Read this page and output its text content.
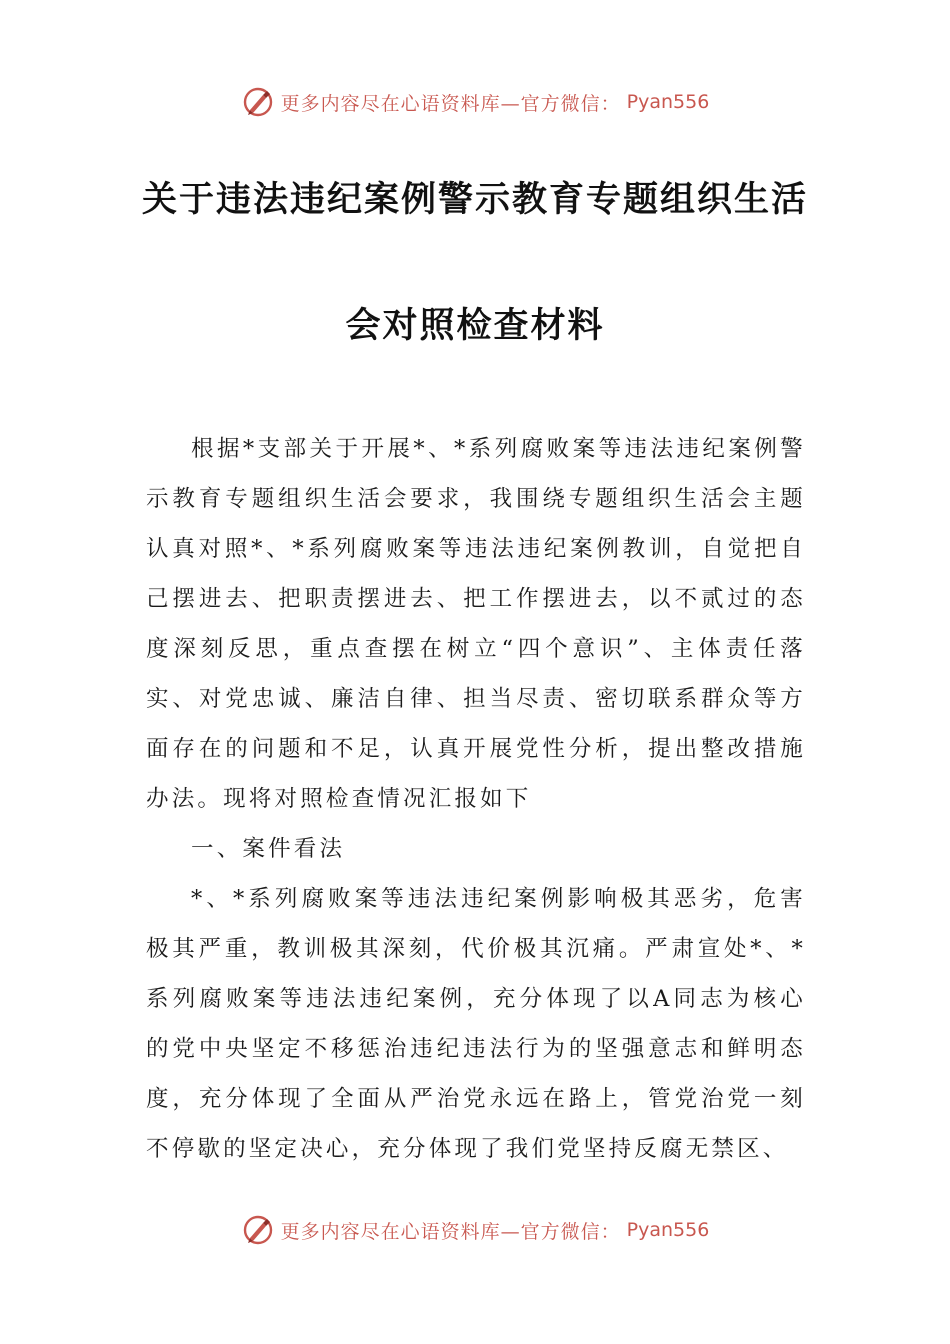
更多内容尽在心语资料库—官方微信： Pyan556
关于违法违纪案例警示教育专题组织生活
会对照检查材料

根据*支部关于开展*、*系列腐败案等违法违纪案例警示教育专题组织生活会要求，我围绕专题组织生活会主题认真对照*、*系列腐败案等违法违纪案例教训，自觉把自己摆进去、把职责摆进去、把工作摆进去，以不贰过的态度深刻反思，重点查摆在树立“四个意识”、主体责任落实、对党忠诚、廉洁自律、担当尽责、密切联系群众等方面存在的问题和不足，认真开展党性分析，提出整改措施办法。现将对照检查情况汇报如下

一、案件看法

*、*系列腐败案等违法违纪案例影响极其恶劣，危害极其严重，教训极其深刻，代价极其沉痛。严肃宣处*、*系列腐败案等违法违纪案例，充分体现了以A同志为核心的党中央坚定不移惩治违纪违法行为的坚强意志和鲜明态度，充分体现了全面从严治党永远在路上，管党治党一刻不停歇的坚定决心，充分体现了我们党坚持反腐无禁区、

更多内容尽在心语资料库—官方微信： Pyan556
